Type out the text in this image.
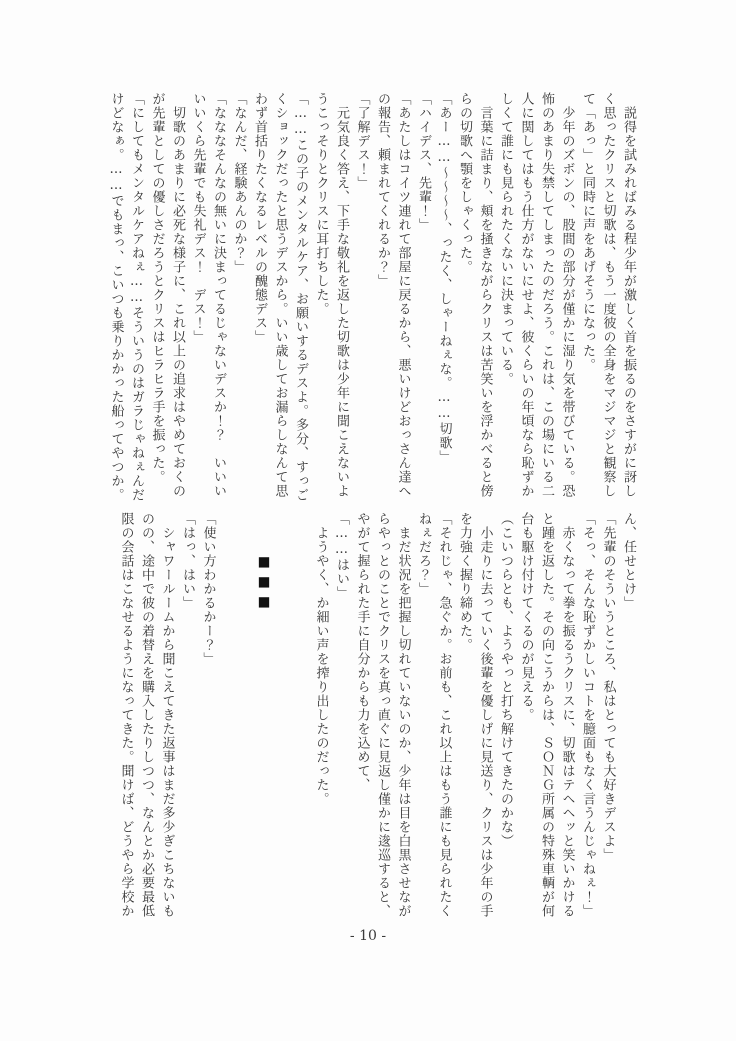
　説得を試みればみる程少年が激しく首を振るのをさすがに訝し
く思ったクリスと切歌は、もう一度彼の全身をマジマジと観察し
て「あっ」と同時に声をあげそうになった。
　少年のズボンの、股間の部分が僅かに湿り気を帯びている。恐
怖のあまり失禁してしまったのだろう。これは、この場にいる二
人に関してはもう仕方がないにせよ、彼くらいの年頃なら恥ずか
しくて誰にも見られたくないに決まっている。
　言葉に詰まり、頬を掻きながらクリスは苦笑いを浮かべると傍
らの切歌へ顎をしゃくった。
「あー……～～～～、ったく、しゃーねぇな。……切歌」
「ハイデス、先輩！」
「あたしはコイツ連れて部屋に戻るから、悪いけどおっさん達へ
の報告、頼まれてくれるか？」
「了解デス！」
　元気良く答え、下手な敬礼を返した切歌は少年に聞こえないよ
うこっそりとクリスに耳打ちした。
「……この子のメンタルケア、お願いするデスよ。多分、すっご
くショックだったと思うデスから。いい歳してお漏らしなんて思
わず首括りたくなるレベルの醜態デス」
「なんだ、経験あんのか？」
「なななそんなの無いに決まってるじゃないデスか！？　いいい
いいくら先輩でも失礼デス！　デス！」
　切歌のあまりに必死な様子に、これ以上の追求はやめておくの
が先輩としての優しさだろうとクリスはヒラヒラ手を振った。
「にしてもメンタルケアねぇ……そういうのはガラじゃねぇんだ
けどなぁ。……でもまっ、こいつも乗りかかった船ってやつか。
ん、任せとけ」
「先輩のそういうところ、私はとっても大好きデスよ」
「そっ、そんな恥ずかしいコトを臆面もなく言うんじゃねぇ！」
　赤くなって拳を振るうクリスに、切歌はテヘヘッと笑いかける
と踵を返した。その向こうからは、ＳＯＮＧ所属の特殊車輌が何
台も駆け付けてくるのが見える。
（こいつらとも、ようやっと打ち解けてきたのかな）
　小走りに去っていく後輩を優しげに見送り、クリスは少年の手
を力強く握り締めた。
「それじゃ、急ぐか。お前も、これ以上はもう誰にも見られたく
ねぇだろ？」
　まだ状況を把握し切れていないのか、少年は目を白黒させなが
らやっとのことでクリスを真っ直ぐに見返し僅かに逡巡すると、
やがて握られた手に自分からも力を込めて、
「……はい」
　ようやく、か細い声を搾り出したのだった。
■■■
「使い方わかるかー？」
「はっ、はい」
　シャワールームから聞こえてきた返事はまだ多少ぎこちないも
のの、途中で彼の着替えを購入したりしつつ、なんとか必要最低
限の会話はこなせるようになってきた。聞けば、どうやら学校か
- 10 -
